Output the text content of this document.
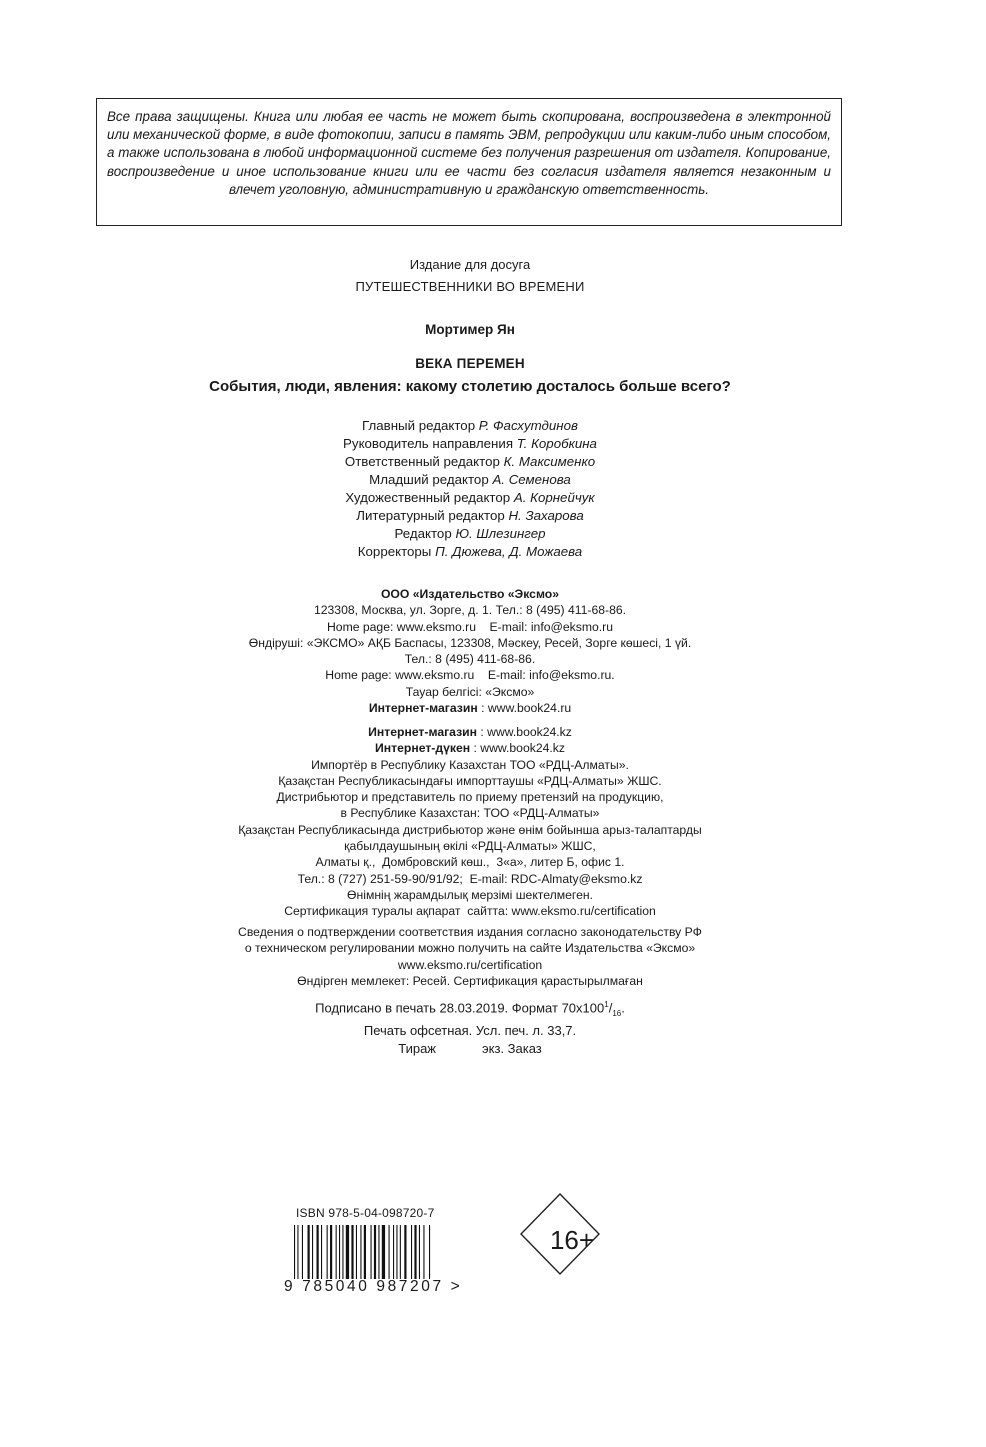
Все права защищены. Книга или любая ее часть не может быть скопирована, воспроизведена в электронной или механической форме, в виде фотокопии, записи в память ЭВМ, репродукции или каким-либо иным способом, а также использована в любой информационной системе без получения разрешения от издателя. Копирование, воспроизведение и иное использование книги или ее части без согласия издателя является незаконным и влечет уголовную, административную и гражданскую ответственность.
Издание для досуга
ПУТЕШЕСТВЕННИКИ ВО ВРЕМЕНИ
Мортимер Ян
ВЕКА ПЕРЕМЕН
События, люди, явления: какому столетию досталось больше всего?
Главный редактор Р. Фасхутдинов
Руководитель направления Т. Коробкина
Ответственный редактор К. Максименко
Младший редактор А. Семенова
Художественный редактор А. Корнейчук
Литературный редактор Н. Захарова
Редактор Ю. Шлезингер
Корректоры П. Дюжева, Д. Можаева
ООО «Издательство «Эксмо»
123308, Москва, ул. Зорге, д. 1. Тел.: 8 (495) 411-68-86.
Home page: www.eksmo.ru    E-mail: info@eksmo.ru
Өндіруші: «ЭКСМО» АҚБ Баспасы, 123308, Мәскеу, Ресей, Зорге көшесі, 1 үй.
Тел.: 8 (495) 411-68-86.
Home page: www.eksmo.ru    E-mail: info@eksmo.ru.
Тауар белгісі: «Эксмо»
Интернет-магазин : www.book24.ru
Интернет-магазин : www.book24.kz
Интернет-дүкен : www.book24.kz
Импортёр в Республику Казахстан ТОО «РДЦ-Алматы».
Қазақстан Республикасындағы импорттаушы «РДЦ-Алматы» ЖШС.
Дистрибьютор и представитель по приему претензий на продукцию,
в Республике Казахстан: ТОО «РДЦ-Алматы»
Қазақстан Республикасында дистрибьютор және өнім бойынша арыз-талаптарды
қабылдаушының өкілі «РДЦ-Алматы» ЖШС,
Алматы қ.,  Домбровский көш.,  3«а», литер Б, офис 1.
Тел.: 8 (727) 251-59-90/91/92;  E-mail: RDC-Almaty@eksmo.kz
Өнімнің жарамдылық мерзімі шектелмеген.
Сертификация туралы ақпарат  сайтта: www.eksmo.ru/certification
Сведения о подтверждении соответствия издания согласно законодательству РФ
о техническом регулировании можно получить на сайте Издательства «Эксмо»
www.eksmo.ru/certification
Өндірген мемлекет: Ресей. Сертификация қарастырылмаған
Подписано в печать 28.03.2019. Формат $70x100^1/_{16}$.
Печать офсетная. Усл. печ. л. 33,7.
Тираж	экз. Заказ
ISBN 978-5-04-098720-7
9 785040 987207 >
16+
